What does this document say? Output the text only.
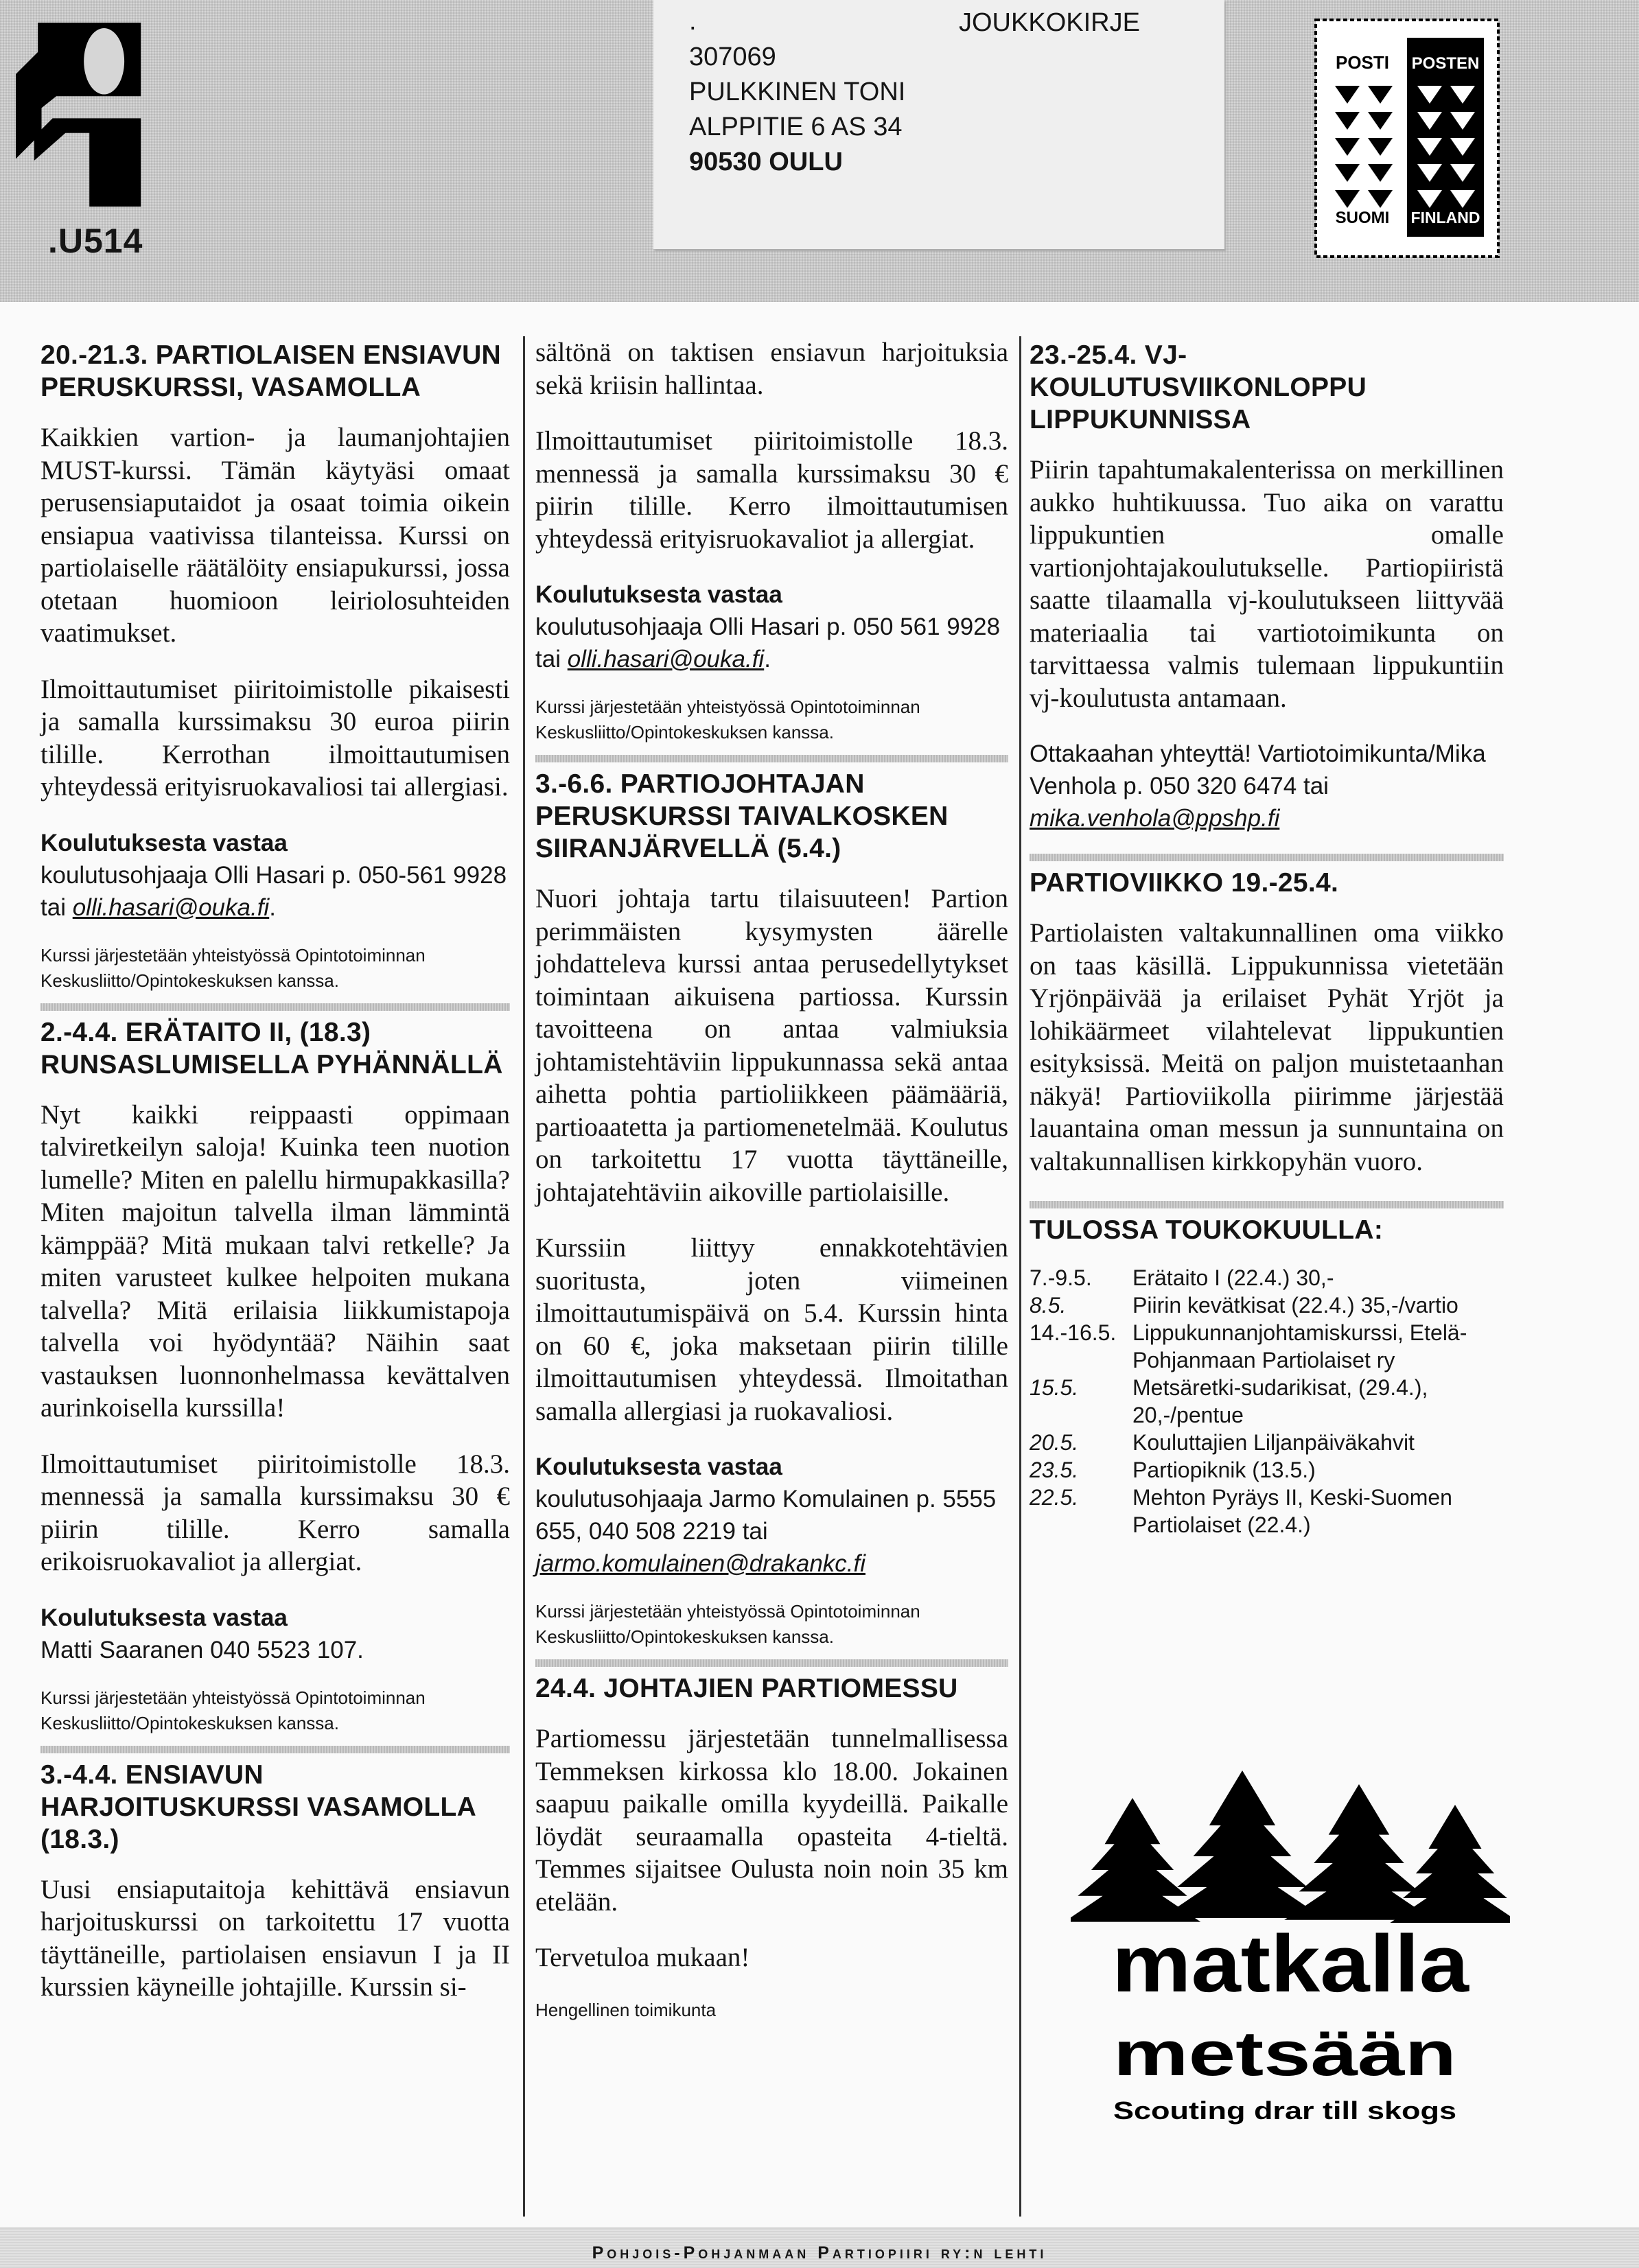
.U514
.	JOUKKOKIRJE
307069
PULKKINEN TONI
ALPPITIE 6 AS 34
90530 OULU
POSTI POSTEN
SUOMI FINLAND
20.-21.3. PARTIOLAISEN ENSIAVUN PERUSKURSSI, VASAMOLLA
Kaikkien vartion- ja laumanjohtajien MUST-kurssi. Tämän käytyäsi omaat perusensiaputaidot ja osaat toimia oikein ensiapua vaativissa tilanteissa. Kurssi on partiolaiselle räätälöity ensiapukurssi, jossa otetaan huomioon leiriolosuhteiden vaatimukset.
Ilmoittautumiset piiritoimistolle pikaisesti ja samalla kurssimaksu 30 euroa piirin tilille. Kerrothan ilmoittautumisen yhteydessä erityisruokavaliosi tai allergiasi.
Koulutuksesta vastaa
koulutusohjaaja Olli Hasari p. 050-561 9928 tai olli.hasari@ouka.fi.
Kurssi järjestetään yhteistyössä Opintotoiminnan Keskusliitto/Opintokeskuksen kanssa.
2.-4.4. ERÄTAITO II, (18.3) RUNSASLUMISELLA PYHÄNNÄLLÄ
Nyt kaikki reippaasti oppimaan talviretkeilyn saloja! Kuinka teen nuotion lumelle? Miten en palellu hirmupakkasilla? Miten majoitun talvella ilman lämmintä kämppää? Mitä mukaan talvi retkelle? Ja miten varusteet kulkee helpoiten mukana talvella? Mitä erilaisia liikkumistapoja talvella voi hyödyntää? Näihin saat vastauksen luonnonhelmassa kevättalven aurinkoisella kurssilla!
Ilmoittautumiset piiritoimistolle 18.3. mennessä ja samalla kurssimaksu 30 € piirin tilille. Kerro samalla erikoisruokavaliot ja allergiat.
Koulutuksesta vastaa
Matti Saaranen 040 5523 107.
Kurssi järjestetään yhteistyössä Opintotoiminnan Keskusliitto/Opintokeskuksen kanssa.
3.-4.4. ENSIAVUN HARJOITUSKURSSI VASAMOLLA (18.3.)
Uusi ensiaputaitoja kehittävä ensiavun harjoituskurssi on tarkoitettu 17 vuotta täyttäneille, partiolaisen ensiavun I ja II kurssien käyneille johtajille. Kurssin si-
sältönä on taktisen ensiavun harjoituksia sekä kriisin hallintaa.
Ilmoittautumiset piiritoimistolle 18.3. mennessä ja samalla kurssimaksu 30 € piirin tilille. Kerro ilmoittautumisen yhteydessä erityisruokavaliot ja allergiat.
Koulutuksesta vastaa
koulutusohjaaja Olli Hasari p. 050 561 9928 tai olli.hasari@ouka.fi.
Kurssi järjestetään yhteistyössä Opintotoiminnan Keskusliitto/Opintokeskuksen kanssa.
3.-6.6. PARTIOJOHTAJAN PERUSKURSSI TAIVALKOSKEN SIIRANJÄRVELLÄ (5.4.)
Nuori johtaja tartu tilaisuuteen! Partion perimmäisten kysymysten äärelle johdatteleva kurssi antaa perusedellytykset toimintaan aikuisena partiossa. Kurssin tavoitteena on antaa valmiuksia johtamistehtäviin lippukunnassa sekä antaa aihetta pohtia partioliikkeen päämääriä, partioaatetta ja partiomenetelmää. Koulutus on tarkoitettu 17 vuotta täyttäneille, johtajatehtäviin aikoville partiolaisille.
Kurssiin liittyy ennakkotehtävien suoritusta, joten viimeinen ilmoittautumispäivä on 5.4. Kurssin hinta on 60 €, joka maksetaan piirin tilille ilmoittautumisen yhteydessä. Ilmoitathan samalla allergiasi ja ruokavaliosi.
Koulutuksesta vastaa
koulutusohjaaja Jarmo Komulainen p. 5555 655, 040 508 2219 tai jarmo.komulainen@drakankc.fi
Kurssi järjestetään yhteistyössä Opintotoiminnan Keskusliitto/Opintokeskuksen kanssa.
24.4. JOHTAJIEN PARTIOMESSU
Partiomessu järjestetään tunnelmallisessa Temmeksen kirkossa klo 18.00. Jokainen saapuu paikalle omilla kyydeillä. Paikalle löydät seuraamalla opasteita 4-tieltä. Temmes sijaitsee Oulusta noin noin 35 km etelään.
Tervetuloa mukaan!
Hengellinen toimikunta
23.-25.4. VJ-KOULUTUSVIIKONLOPPU LIPPUKUNNISSA
Piirin tapahtumakalenterissa on merkillinen aukko huhtikuussa. Tuo aika on varattu lippukuntien omalle vartionjohtajakoulutukselle. Partiopiiristä saatte tilaamalla vj-koulutukseen liittyvää materiaalia tai vartiotoimikunta on tarvittaessa valmis tulemaan lippukuntiin vj-koulutusta antamaan.
Ottakaahan yhteyttä! Vartiotoimikunta/Mika Venhola p. 050 320 6474 tai mika.venhola@ppshp.fi
PARTIOVIIKKO 19.-25.4.
Partiolaisten valtakunnallinen oma viikko on taas käsillä. Lippukunnissa vietetään Yrjönpäivää ja erilaiset Pyhät Yrjöt ja lohikäärmeet vilahtelevat lippukuntien esityksissä. Meitä on paljon muistetaanhan näkyä! Partioviikolla piirimme järjestää lauantaina oman messun ja sunnuntaina on valtakunnallisen kirkkopyhän vuoro.
TULOSSA TOUKOKUULLA:
7.-9.5.	Erätaito I (22.4.) 30,-
8.5.	Piirin kevätkisat (22.4.) 35,-/vartio
14.-16.5. Lippukunnanjohtamiskurssi, Etelä-Pohjanmaan Partiolaiset ry
15.5.	Metsäretki-sudarikisat, (29.4.), 20,-/pentue
20.5.	Kouluttajien Liljanpäiväkahvit
23.5.	Partiopiknik (13.5.)
22.5.	Mehton Pyräys II, Keski-Suomen Partiolaiset (22.4.)
matkalla
metsään
Scouting drar till skogs
Pohjois-Pohjanmaan Partiopiiri ry:n lehti
